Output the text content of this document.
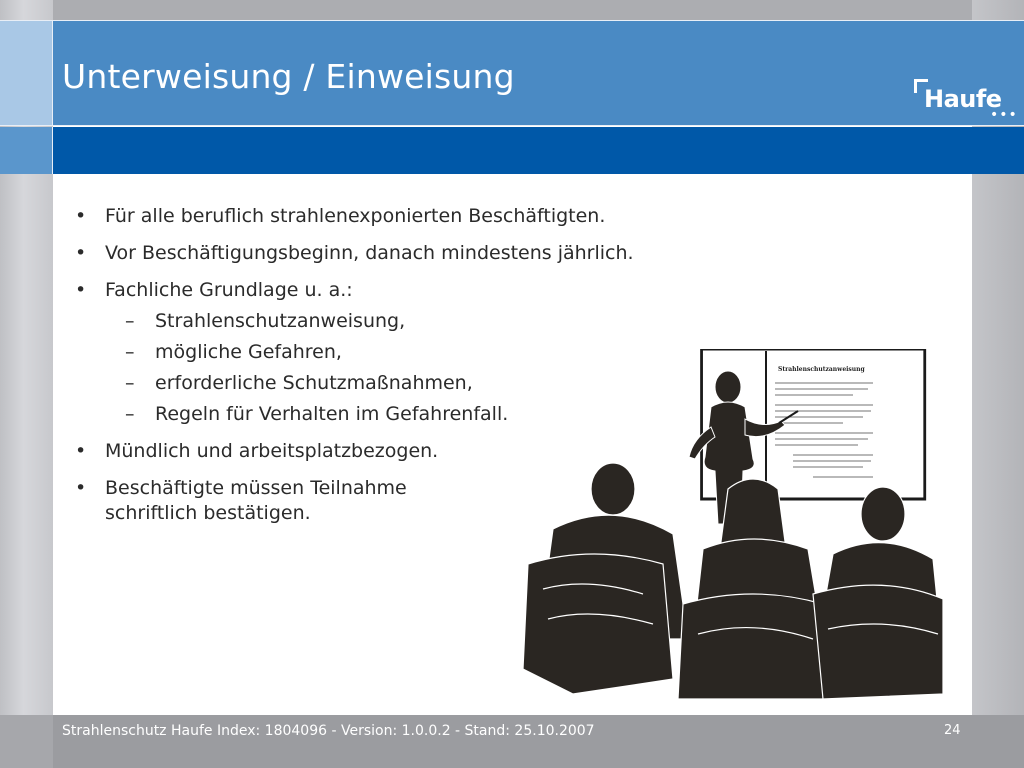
Unterweisung / Einweisung
Haufe
•••
• Für alle beruflich strahlenexponierten Beschäftigten.
• Vor Beschäftigungsbeginn, danach mindestens jährlich.
• Fachliche Grundlage u. a.:
– Strahlenschutzanweisung,
– mögliche Gefahren,
– erforderliche Schutzmaßnahmen,
– Regeln für Verhalten im Gefahrenfall.
• Mündlich und arbeitsplatzbezogen.
• Beschäftigte müssen Teilnahme
schriftlich bestätigen.
Strahlenschutzanweisung
Strahlenschutz Haufe Index: 1804096 - Version: 1.0.0.2 - Stand: 25.10.2007	24
